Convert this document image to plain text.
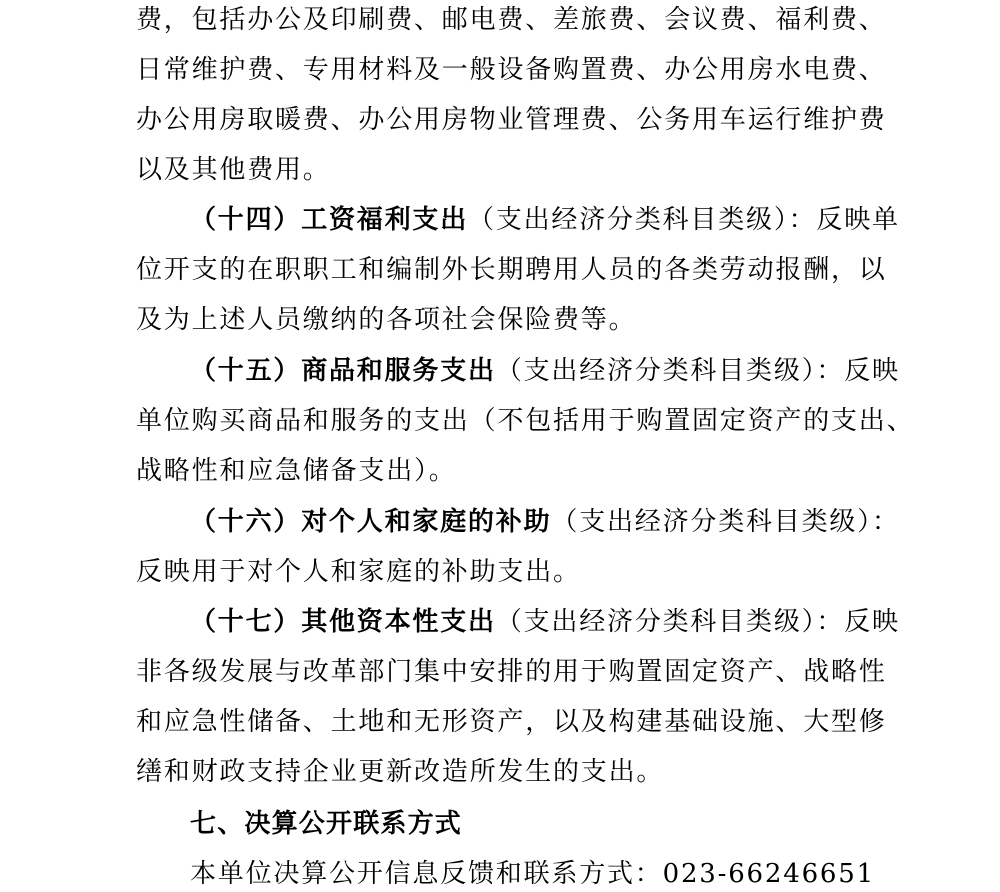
费，包括办公及印刷费、邮电费、差旅费、会议费、福利费、
日常维护费、专用材料及一般设备购置费、办公用房水电费、
办公用房取暖费、办公用房物业管理费、公务用车运行维护费
以及其他费用。
（十四）工资福利支出（支出经济分类科目类级）：反映单
位开支的在职职工和编制外长期聘用人员的各类劳动报酬，以
及为上述人员缴纳的各项社会保险费等。
（十五）商品和服务支出（支出经济分类科目类级）：反映
单位购买商品和服务的支出（不包括用于购置固定资产的支出、
战略性和应急储备支出）。
（十六）对个人和家庭的补助（支出经济分类科目类级）：
反映用于对个人和家庭的补助支出。
（十七）其他资本性支出（支出经济分类科目类级）：反映
非各级发展与改革部门集中安排的用于购置固定资产、战略性
和应急性储备、土地和无形资产，以及构建基础设施、大型修
缮和财政支持企业更新改造所发生的支出。
七、决算公开联系方式
本单位决算公开信息反馈和联系方式：023-66246651
